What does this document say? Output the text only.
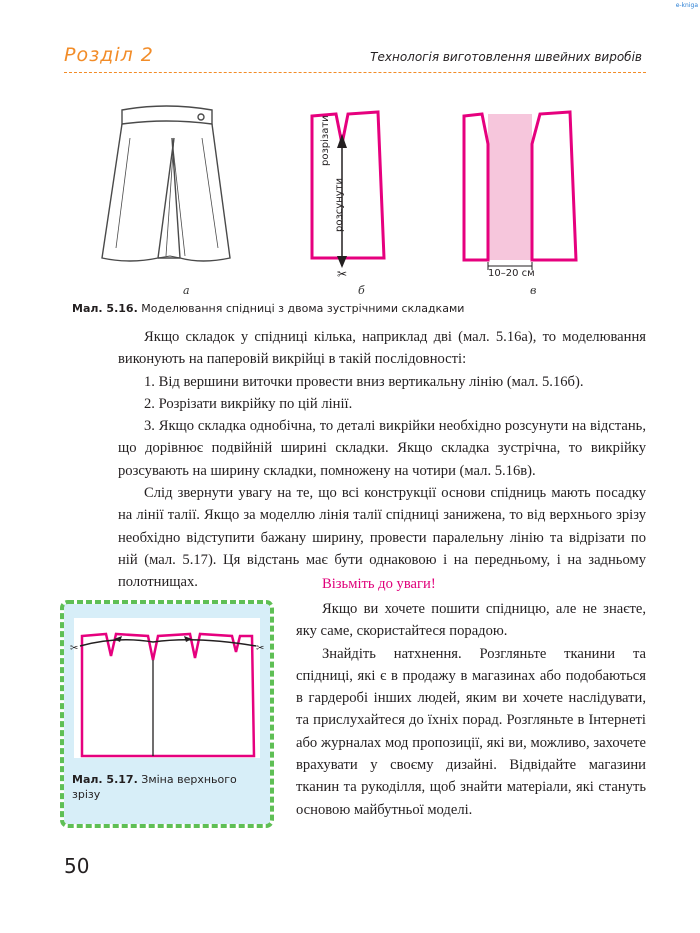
e-kniga
Розділ 2	Технологія виготовлення швейних виробів
✂
розрізати
розсунути
10–20 см
а	б	в
Мал. 5.16. Моделювання спідниці з двома зустрічними складками

Якщо складок у спідниці кілька, наприклад дві (мал. 5.16а), то моделювання виконують на паперовій викрійці в такій послідовності:

1. Від вершини виточки провести вниз вертикальну лінію (мал. 5.16б).

2. Розрізати викрійку по цій лінії.

3. Якщо складка однобічна, то деталі викрійки необхідно розсунути на відстань, що дорівнює подвійній ширині складки. Якщо складка зустрічна, то викрійку розсувають на ширину складки, помножену на чотири (мал. 5.16в).

Слід звернути увагу на те, що всі конструкції основи спідниць мають посадку на лінії талії. Якщо за моделлю лінія талії спідниці занижена, то від верхнього зрізу необхідно відступити бажану ширину, провести паралельну лінію та відрізати по ній (мал. 5.17). Ця відстань має бути однаковою і на передньому, і на задньому полотнищах.	Візьміть до уваги!

Якщо ви хочете пошити спідницю, але не знаєте, яку саме, скористайтеся порадою.

Знайдіть натхнення. Розгляньте тканини та спідниці, які є в продажу в магазинах або подобаються в гардеробі інших людей, яким ви хочете наслідувати, та прислухайтеся до їхніх порад. Розгляньте в Інтернеті або журналах мод пропозиції, які ви, можливо, захочете врахувати у своєму дизайні. Відвідайте магазини тканин та рукоділля, щоб знайти матеріали, які стануть основою майбутньої моделі.

✂	✂
Мал. 5.17. Зміна верхнього зрізу
50
